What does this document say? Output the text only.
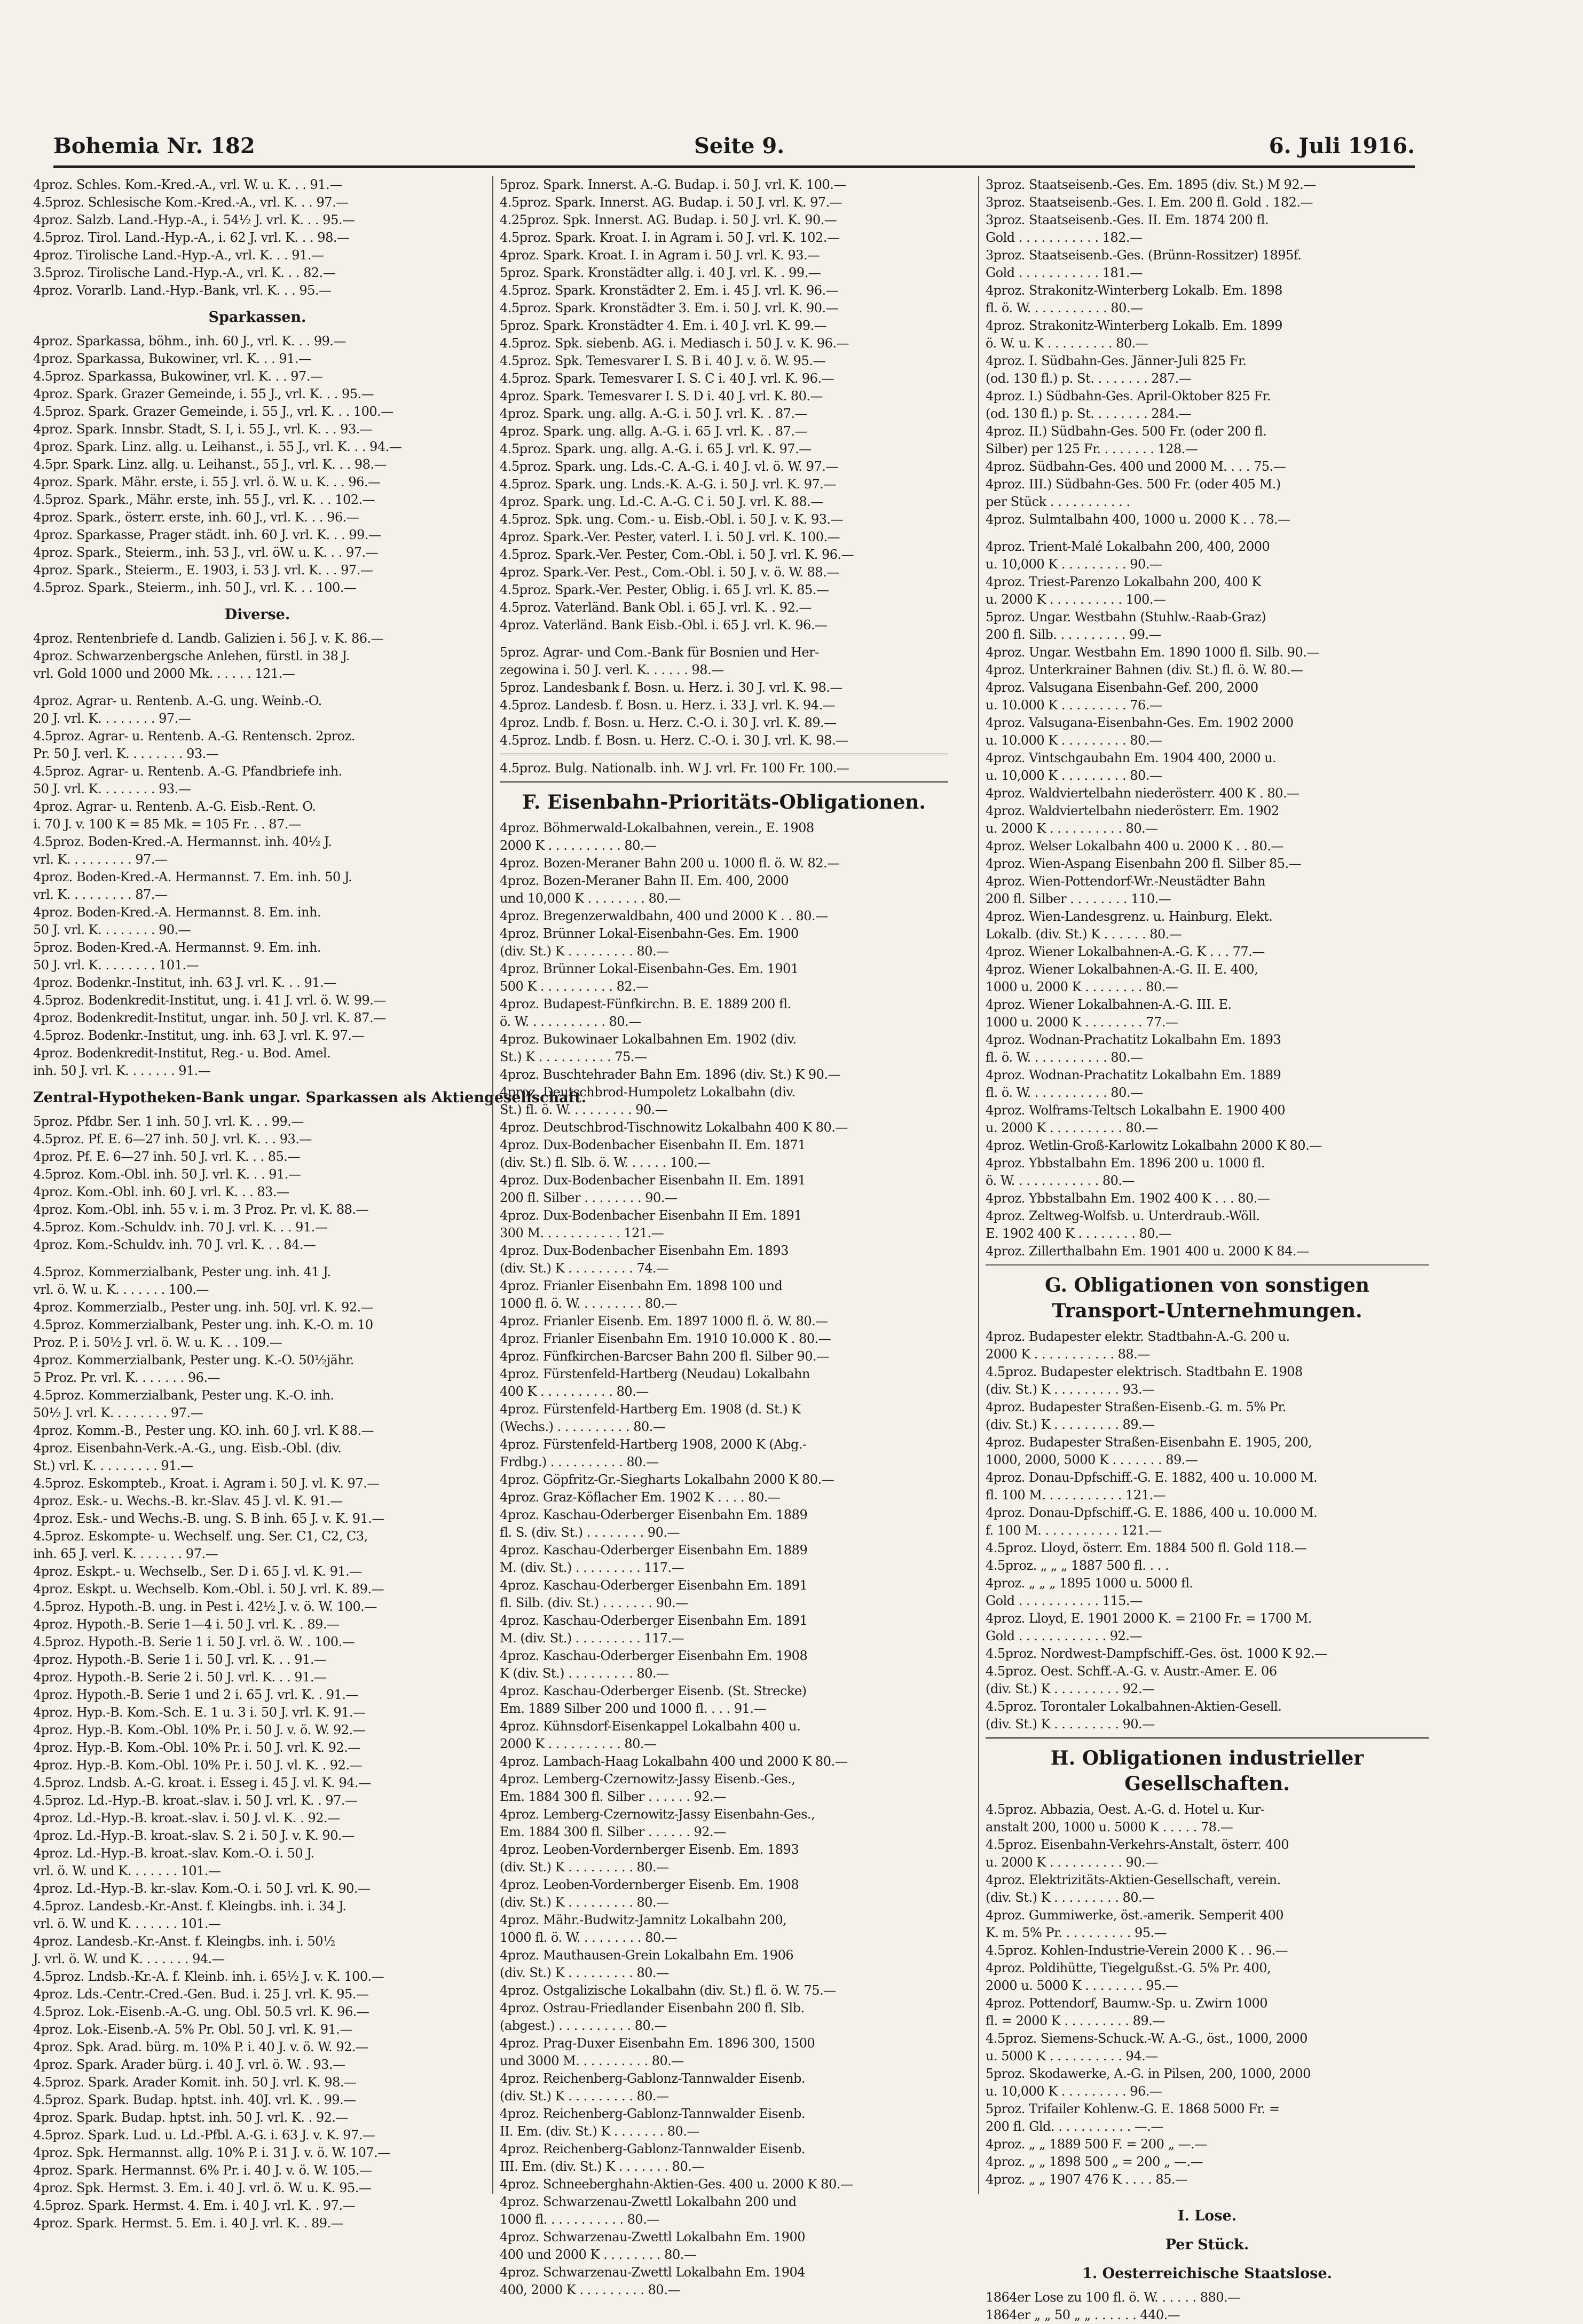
Bohemia Nr. 182	Seite 9.	6. Juli 1916.
4proz. Schles. Kom.-Kred.-A., vrl. W. u. K. . . 91.—
4.5proz. Schlesische Kom.-Kred.-A., vrl. K. . . 97.—
4proz. Salzb. Land.-Hyp.-A., i. 54½ J. vrl. K. . . 95.—
4.5proz. Tirol. Land.-Hyp.-A., i. 62 J. vrl. K. . . 98.—
4proz. Tirolische Land.-Hyp.-A., vrl. K. . . 91.—
3.5proz. Tirolische Land.-Hyp.-A., vrl. K. . . 82.—
4proz. Vorarlb. Land.-Hyp.-Bank, vrl. K. . . 95.—
Sparkassen.
4proz. Sparkassa, böhm., inh. 60 J., vrl. K. . . 99.—
4proz. Sparkassa, Bukowiner, vrl. K. . . 91.—
4.5proz. Sparkassa, Bukowiner, vrl. K. . . 97.—
4proz. Spark. Grazer Gemeinde, i. 55 J., vrl. K. . . 95.—
4.5proz. Spark. Grazer Gemeinde, i. 55 J., vrl. K. . . 100.—
4proz. Spark. Innsbr. Stadt, S. I, i. 55 J., vrl. K. . . 93.—
4proz. Spark. Linz. allg. u. Leihanst., i. 55 J., vrl. K. . . 94.—
4.5pr. Spark. Linz. allg. u. Leihanst., 55 J., vrl. K. . . 98.—
4proz. Spark. Mähr. erste, i. 55 J. vrl. ö. W. u. K. . . 96.—
4.5proz. Spark., Mähr. erste, inh. 55 J., vrl. K. . . 102.—
4proz. Spark., österr. erste, inh. 60 J., vrl. K. . . 96.—
4proz. Sparkasse, Prager städt. inh. 60 J. vrl. K. . . 99.—
4proz. Spark., Steierm., inh. 53 J., vrl. öW. u. K. . . 97.—
4proz. Spark., Steierm., E. 1903, i. 53 J. vrl. K. . . 97.—
4.5proz. Spark., Steierm., inh. 50 J., vrl. K. . . 100.—
Diverse.
4proz. Rentenbriefe d. Landb. Galizien i. 56 J. v. K. 86.—
4proz. Schwarzenbergsche Anlehen, fürstl. in 38 J.
vrl. Gold 1000 und 2000 Mk. . . . . . 121.—
4proz. Agrar- u. Rentenb. A.-G. ung. Weinb.-O.
20 J. vrl. K. . . . . . . . 97.—
4.5proz. Agrar- u. Rentenb. A.-G. Rentensch. 2proz.
Pr. 50 J. verl. K. . . . . . . . 93.—
4.5proz. Agrar- u. Rentenb. A.-G. Pfandbriefe inh.
50 J. vrl. K. . . . . . . . 93.—
4proz. Agrar- u. Rentenb. A.-G. Eisb.-Rent. O.
i. 70 J. v. 100 K = 85 Mk. = 105 Fr. . . 87.—
4.5proz. Boden-Kred.-A. Hermannst. inh. 40½ J.
vrl. K. . . . . . . . . 97.—
4proz. Boden-Kred.-A. Hermannst. 7. Em. inh. 50 J.
vrl. K. . . . . . . . . 87.—
4proz. Boden-Kred.-A. Hermannst. 8. Em. inh.
50 J. vrl. K. . . . . . . . 90.—
5proz. Boden-Kred.-A. Hermannst. 9. Em. inh.
50 J. vrl. K. . . . . . . . 101.—
4proz. Bodenkr.-Institut, inh. 63 J. vrl. K. . . 91.—
4.5proz. Bodenkredit-Institut, ung. i. 41 J. vrl. ö. W. 99.—
4proz. Bodenkredit-Institut, ungar. inh. 50 J. vrl. K. 87.—
4.5proz. Bodenkr.-Institut, ung. inh. 63 J. vrl. K. 97.—
4proz. Bodenkredit-Institut, Reg.- u. Bod. Amel.
inh. 50 J. vrl. K. . . . . . . 91.—
Zentral-Hypotheken-Bank ungar. Sparkassen als Aktiengesellschaft.
5proz. Pfdbr. Ser. 1 inh. 50 J. vrl. K. . . 99.—
4.5proz. Pf. E. 6—27 inh. 50 J. vrl. K. . . 93.—
4proz. Pf. E. 6—27 inh. 50 J. vrl. K. . . 85.—
4.5proz. Kom.-Obl. inh. 50 J. vrl. K. . . 91.—
4proz. Kom.-Obl. inh. 60 J. vrl. K. . . 83.—
4proz. Kom.-Obl. inh. 55 v. i. m. 3 Proz. Pr. vl. K. 88.—
4.5proz. Kom.-Schuldv. inh. 70 J. vrl. K. . . 91.—
4proz. Kom.-Schuldv. inh. 70 J. vrl. K. . . 84.—
4.5proz. Kommerzialbank, Pester ung. inh. 41 J.
vrl. ö. W. u. K. . . . . . . 100.—
4proz. Kommerzialb., Pester ung. inh. 50J. vrl. K. 92.—
4.5proz. Kommerzialbank, Pester ung. inh. K.-O. m. 10
Proz. P. i. 50½ J. vrl. ö. W. u. K. . . 109.—
4proz. Kommerzialbank, Pester ung. K.-O. 50½jähr.
5 Proz. Pr. vrl. K. . . . . . . 96.—
4.5proz. Kommerzialbank, Pester ung. K.-O. inh.
50½ J. vrl. K. . . . . . . . 97.—
4proz. Komm.-B., Pester ung. KO. inh. 60 J. vrl. K 88.—
4proz. Eisenbahn-Verk.-A.-G., ung. Eisb.-Obl. (div.
St.) vrl. K. . . . . . . . . 91.—
4.5proz. Eskompteb., Kroat. i. Agram i. 50 J. vl. K. 97.—
4proz. Esk.- u. Wechs.-B. kr.-Slav. 45 J. vl. K. 91.—
4proz. Esk.- und Wechs.-B. ung. S. B inh. 65 J. v. K. 91.—
4.5proz. Eskompte- u. Wechself. ung. Ser. C1, C2, C3,
inh. 65 J. verl. K. . . . . . . 97.—
4proz. Eskpt.- u. Wechselb., Ser. D i. 65 J. vl. K. 91.—
4proz. Eskpt. u. Wechselb. Kom.-Obl. i. 50 J. vrl. K. 89.—
4.5proz. Hypoth.-B. ung. in Pest i. 42½ J. v. ö. W. 100.—
4proz. Hypoth.-B. Serie 1—4 i. 50 J. vrl. K. . 89.—
4.5proz. Hypoth.-B. Serie 1 i. 50 J. vrl. ö. W. . 100.—
4proz. Hypoth.-B. Serie 1 i. 50 J. vrl. K. . . 91.—
4proz. Hypoth.-B. Serie 2 i. 50 J. vrl. K. . . 91.—
4proz. Hypoth.-B. Serie 1 und 2 i. 65 J. vrl. K. . 91.—
4proz. Hyp.-B. Kom.-Sch. E. 1 u. 3 i. 50 J. vrl. K. 91.—
4proz. Hyp.-B. Kom.-Obl. 10% Pr. i. 50 J. v. ö. W. 92.—
4proz. Hyp.-B. Kom.-Obl. 10% Pr. i. 50 J. vrl. K. 92.—
4proz. Hyp.-B. Kom.-Obl. 10% Pr. i. 50 J. vl. K. . 92.—
4.5proz. Lndsb. A.-G. kroat. i. Esseg i. 45 J. vl. K. 94.—
4.5proz. Ld.-Hyp.-B. kroat.-slav. i. 50 J. vrl. K. . 97.—
4proz. Ld.-Hyp.-B. kroat.-slav. i. 50 J. vl. K. . 92.—
4proz. Ld.-Hyp.-B. kroat.-slav. S. 2 i. 50 J. v. K. 90.—
4proz. Ld.-Hyp.-B. kroat.-slav. Kom.-O. i. 50 J.
vrl. ö. W. und K. . . . . . . 101.—
4proz. Ld.-Hyp.-B. kr.-slav. Kom.-O. i. 50 J. vrl. K. 90.—
4.5proz. Landesb.-Kr.-Anst. f. Kleingbs. inh. i. 34 J.
vrl. ö. W. und K. . . . . . . 101.—
4proz. Landesb.-Kr.-Anst. f. Kleingbs. inh. i. 50½
J. vrl. ö. W. und K. . . . . . . 94.—
4.5proz. Lndsb.-Kr.-A. f. Kleinb. inh. i. 65½ J. v. K. 100.—
4proz. Lds.-Centr.-Cred.-Gen. Bud. i. 25 J. vrl. K. 95.—
4.5proz. Lok.-Eisenb.-A.-G. ung. Obl. 50.5 vrl. K. 96.—
4proz. Lok.-Eisenb.-A. 5% Pr. Obl. 50 J. vrl. K. 91.—
4proz. Spk. Arad. bürg. m. 10% P. i. 40 J. v. ö. W. 92.—
4proz. Spark. Arader bürg. i. 40 J. vrl. ö. W. . 93.—
4.5proz. Spark. Arader Komit. inh. 50 J. vrl. K. 98.—
4.5proz. Spark. Budap. hptst. inh. 40J. vrl. K. . 99.—
4proz. Spark. Budap. hptst. inh. 50 J. vrl. K. . 92.—
4.5proz. Spark. Lud. u. Ld.-Pfbl. A.-G. i. 63 J. v. K. 97.—
4proz. Spk. Hermannst. allg. 10% P. i. 31 J. v. ö. W. 107.—
4proz. Spark. Hermannst. 6% Pr. i. 40 J. v. ö. W. 105.—
4proz. Spk. Hermst. 3. Em. i. 40 J. vrl. ö. W. u. K. 95.—
4.5proz. Spark. Hermst. 4. Em. i. 40 J. vrl. K. . 97.—
4proz. Spark. Hermst. 5. Em. i. 40 J. vrl. K. . 89.—
5proz. Spark. Innerst. A.-G. Budap. i. 50 J. vrl. K. 100.—
4.5proz. Spark. Innerst. AG. Budap. i. 50 J. vrl. K. 97.—
4.25proz. Spk. Innerst. AG. Budap. i. 50 J. vrl. K. 90.—
4.5proz. Spark. Kroat. I. in Agram i. 50 J. vrl. K. 102.—
4proz. Spark. Kroat. I. in Agram i. 50 J. vrl. K. 93.—
5proz. Spark. Kronstädter allg. i. 40 J. vrl. K. . 99.—
4.5proz. Spark. Kronstädter 2. Em. i. 45 J. vrl. K. 96.—
4.5proz. Spark. Kronstädter 3. Em. i. 50 J. vrl. K. 90.—
5proz. Spark. Kronstädter 4. Em. i. 40 J. vrl. K. 99.—
4.5proz. Spk. siebenb. AG. i. Mediasch i. 50 J. v. K. 96.—
4.5proz. Spk. Temesvarer I. S. B i. 40 J. v. ö. W. 95.—
4.5proz. Spark. Temesvarer I. S. C i. 40 J. vrl. K. 96.—
4proz. Spark. Temesvarer I. S. D i. 40 J. vrl. K. 80.—
4proz. Spark. ung. allg. A.-G. i. 50 J. vrl. K. . 87.—
4proz. Spark. ung. allg. A.-G. i. 65 J. vrl. K. . 87.—
4.5proz. Spark. ung. allg. A.-G. i. 65 J. vrl. K. 97.—
4.5proz. Spark. ung. Lds.-C. A.-G. i. 40 J. vl. ö. W. 97.—
4.5proz. Spark. ung. Lnds.-K. A.-G. i. 50 J. vrl. K. 97.—
4proz. Spark. ung. Ld.-C. A.-G. C i. 50 J. vrl. K. 88.—
4.5proz. Spk. ung. Com.- u. Eisb.-Obl. i. 50 J. v. K. 93.—
4proz. Spark.-Ver. Pester, vaterl. I. i. 50 J. vrl. K. 100.—
4.5proz. Spark.-Ver. Pester, Com.-Obl. i. 50 J. vrl. K. 96.—
4proz. Spark.-Ver. Pest., Com.-Obl. i. 50 J. v. ö. W. 88.—
4.5proz. Spark.-Ver. Pester, Oblig. i. 65 J. vrl. K. 85.—
4.5proz. Vaterländ. Bank Obl. i. 65 J. vrl. K. . 92.—
4proz. Vaterländ. Bank Eisb.-Obl. i. 65 J. vrl. K. 96.—
5proz. Agrar- und Com.-Bank für Bosnien und Her-
zegowina i. 50 J. verl. K. . . . . . 98.—
5proz. Landesbank f. Bosn. u. Herz. i. 30 J. vrl. K. 98.—
4.5proz. Landesb. f. Bosn. u. Herz. i. 33 J. vrl. K. 94.—
4proz. Lndb. f. Bosn. u. Herz. C.-O. i. 30 J. vrl. K. 89.—
4.5proz. Lndb. f. Bosn. u. Herz. C.-O. i. 30 J. vrl. K. 98.—
4.5proz. Bulg. Nationalb. inh. W J. vrl. Fr. 100 Fr. 100.—
F. Eisenbahn-Prioritäts-Obligationen.
4proz. Böhmerwald-Lokalbahnen, verein., E. 1908
2000 K . . . . . . . . . . 80.—
4proz. Bozen-Meraner Bahn 200 u. 1000 fl. ö. W. 82.—
4proz. Bozen-Meraner Bahn II. Em. 400, 2000
und 10,000 K . . . . . . . . 80.—
4proz. Bregenzerwaldbahn, 400 und 2000 K . . 80.—
4proz. Brünner Lokal-Eisenbahn-Ges. Em. 1900
(div. St.) K . . . . . . . . . 80.—
4proz. Brünner Lokal-Eisenbahn-Ges. Em. 1901
500 K . . . . . . . . . . 82.—
4proz. Budapest-Fünfkirchn. B. E. 1889 200 fl.
ö. W. . . . . . . . . . . 80.—
4proz. Bukowinaer Lokalbahnen Em. 1902 (div.
St.) K . . . . . . . . . . 75.—
4proz. Buschtehrader Bahn Em. 1896 (div. St.) K 90.—
4proz. Deutschbrod-Humpoletz Lokalbahn (div.
St.) fl. ö. W. . . . . . . . . 90.—
4proz. Deutschbrod-Tischnowitz Lokalbahn 400 K 80.—
4proz. Dux-Bodenbacher Eisenbahn II. Em. 1871
(div. St.) fl. Slb. ö. W. . . . . . 100.—
4proz. Dux-Bodenbacher Eisenbahn II. Em. 1891
200 fl. Silber . . . . . . . . 90.—
4proz. Dux-Bodenbacher Eisenbahn II Em. 1891
300 M. . . . . . . . . . . 121.—
4proz. Dux-Bodenbacher Eisenbahn Em. 1893
(div. St.) K . . . . . . . . . 74.—
4proz. Frianler Eisenbahn Em. 1898 100 und
1000 fl. ö. W. . . . . . . . . 80.—
4proz. Frianler Eisenb. Em. 1897 1000 fl. ö. W. 80.—
4proz. Frianler Eisenbahn Em. 1910 10.000 K . 80.—
4proz. Fünfkirchen-Barcser Bahn 200 fl. Silber 90.—
4proz. Fürstenfeld-Hartberg (Neudau) Lokalbahn
400 K . . . . . . . . . . 80.—
4proz. Fürstenfeld-Hartberg Em. 1908 (d. St.) K
(Wechs.) . . . . . . . . . . 80.—
4proz. Fürstenfeld-Hartberg 1908, 2000 K (Abg.-
Frdbg.) . . . . . . . . . . 80.—
4proz. Göpfritz-Gr.-Siegharts Lokalbahn 2000 K 80.—
4proz. Graz-Köflacher Em. 1902 K . . . . 80.—
4proz. Kaschau-Oderberger Eisenbahn Em. 1889
fl. S. (div. St.) . . . . . . . . 90.—
4proz. Kaschau-Oderberger Eisenbahn Em. 1889
M. (div. St.) . . . . . . . . . 117.—
4proz. Kaschau-Oderberger Eisenbahn Em. 1891
fl. Silb. (div. St.) . . . . . . . 90.—
4proz. Kaschau-Oderberger Eisenbahn Em. 1891
M. (div. St.) . . . . . . . . . 117.—
4proz. Kaschau-Oderberger Eisenbahn Em. 1908
K (div. St.) . . . . . . . . . 80.—
4proz. Kaschau-Oderberger Eisenb. (St. Strecke)
Em. 1889 Silber 200 und 1000 fl. . . . 91.—
4proz. Kühnsdorf-Eisenkappel Lokalbahn 400 u.
2000 K . . . . . . . . . . 80.—
4proz. Lambach-Haag Lokalbahn 400 und 2000 K 80.—
4proz. Lemberg-Czernowitz-Jassy Eisenb.-Ges.,
Em. 1884 300 fl. Silber . . . . . . 92.—
4proz. Lemberg-Czernowitz-Jassy Eisenbahn-Ges.,
Em. 1884 300 fl. Silber . . . . . . 92.—
4proz. Leoben-Vordernberger Eisenb. Em. 1893
(div. St.) K . . . . . . . . . 80.—
4proz. Leoben-Vordernberger Eisenb. Em. 1908
(div. St.) K . . . . . . . . . 80.—
4proz. Mähr.-Budwitz-Jamnitz Lokalbahn 200,
1000 fl. ö. W. . . . . . . . . 80.—
4proz. Mauthausen-Grein Lokalbahn Em. 1906
(div. St.) K . . . . . . . . . 80.—
4proz. Ostgalizische Lokalbahn (div. St.) fl. ö. W. 75.—
4proz. Ostrau-Friedlander Eisenbahn 200 fl. Slb.
(abgest.) . . . . . . . . . . 80.—
4proz. Prag-Duxer Eisenbahn Em. 1896 300, 1500
und 3000 M. . . . . . . . . . 80.—
4proz. Reichenberg-Gablonz-Tannwalder Eisenb.
(div. St.) K . . . . . . . . . 80.—
4proz. Reichenberg-Gablonz-Tannwalder Eisenb.
II. Em. (div. St.) K . . . . . . . 80.—
4proz. Reichenberg-Gablonz-Tannwalder Eisenb.
III. Em. (div. St.) K . . . . . . . 80.—
4proz. Schneeberghahn-Aktien-Ges. 400 u. 2000 K 80.—
4proz. Schwarzenau-Zwettl Lokalbahn 200 und
1000 fl. . . . . . . . . . . 80.—
4proz. Schwarzenau-Zwettl Lokalbahn Em. 1900
400 und 2000 K . . . . . . . . 80.—
4proz. Schwarzenau-Zwettl Lokalbahn Em. 1904
400, 2000 K . . . . . . . . . 80.—
3proz. Staatseisenb.-Ges. Em. 1895 (div. St.) M 92.—
3proz. Staatseisenb.-Ges. I. Em. 200 fl. Gold . 182.—
3proz. Staatseisenb.-Ges. II. Em. 1874 200 fl.
Gold . . . . . . . . . . . 182.—
3proz. Staatseisenb.-Ges. (Brünn-Rossitzer) 1895f.
Gold . . . . . . . . . . . 181.—
4proz. Strakonitz-Winterberg Lokalb. Em. 1898
fl. ö. W. . . . . . . . . . . 80.—
4proz. Strakonitz-Winterberg Lokalb. Em. 1899
ö. W. u. K . . . . . . . . . 80.—
4proz. I. Südbahn-Ges. Jänner-Juli 825 Fr.
(od. 130 fl.) p. St. . . . . . . . 287.—
4proz. I.) Südbahn-Ges. April-Oktober 825 Fr.
(od. 130 fl.) p. St. . . . . . . . 284.—
4proz. II.) Südbahn-Ges. 500 Fr. (oder 200 fl.
Silber) per 125 Fr. . . . . . . . 128.—
4proz. Südbahn-Ges. 400 und 2000 M. . . . 75.—
4proz. III.) Südbahn-Ges. 500 Fr. (oder 405 M.)
per Stück . . . . . . . . . . .
4proz. Sulmtalbahn 400, 1000 u. 2000 K . . 78.—
4proz. Trient-Malé Lokalbahn 200, 400, 2000
u. 10,000 K . . . . . . . . . 90.—
4proz. Triest-Parenzo Lokalbahn 200, 400 K
u. 2000 K . . . . . . . . . . 100.—
5proz. Ungar. Westbahn (Stuhlw.-Raab-Graz)
200 fl. Silb. . . . . . . . . . 99.—
4proz. Ungar. Westbahn Em. 1890 1000 fl. Silb. 90.—
4proz. Unterkrainer Bahnen (div. St.) fl. ö. W. 80.—
4proz. Valsugana Eisenbahn-Gef. 200, 2000
u. 10.000 K . . . . . . . . . 76.—
4proz. Valsugana-Eisenbahn-Ges. Em. 1902 2000
u. 10.000 K . . . . . . . . . 80.—
4proz. Vintschgaubahn Em. 1904 400, 2000 u.
u. 10,000 K . . . . . . . . . 80.—
4proz. Waldviertelbahn niederösterr. 400 K . 80.—
4proz. Waldviertelbahn niederösterr. Em. 1902
u. 2000 K . . . . . . . . . . 80.—
4proz. Welser Lokalbahn 400 u. 2000 K . . 80.—
4proz. Wien-Aspang Eisenbahn 200 fl. Silber 85.—
4proz. Wien-Pottendorf-Wr.-Neustädter Bahn
200 fl. Silber . . . . . . . . 110.—
4proz. Wien-Landesgrenz. u. Hainburg. Elekt.
Lokalb. (div. St.) K . . . . . . 80.—
4proz. Wiener Lokalbahnen-A.-G. K . . . 77.—
4proz. Wiener Lokalbahnen-A.-G. II. E. 400,
1000 u. 2000 K . . . . . . . . 80.—
4proz. Wiener Lokalbahnen-A.-G. III. E.
1000 u. 2000 K . . . . . . . . 77.—
4proz. Wodnan-Prachatitz Lokalbahn Em. 1893
fl. ö. W. . . . . . . . . . . 80.—
4proz. Wodnan-Prachatitz Lokalbahn Em. 1889
fl. ö. W. . . . . . . . . . . 80.—
4proz. Wolframs-Teltsch Lokalbahn E. 1900 400
u. 2000 K . . . . . . . . . . 80.—
4proz. Wetlin-Groß-Karlowitz Lokalbahn 2000 K 80.—
4proz. Ybbstalbahn Em. 1896 200 u. 1000 fl.
ö. W. . . . . . . . . . . . 80.—
4proz. Ybbstalbahn Em. 1902 400 K . . . 80.—
4proz. Zeltweg-Wolfsb. u. Unterdraub.-Wöll.
E. 1902 400 K . . . . . . . . 80.—
4proz. Zillerthalbahn Em. 1901 400 u. 2000 K 84.—
G. Obligationen von sonstigen Transport-Unternehmungen.
4proz. Budapester elektr. Stadtbahn-A.-G. 200 u.
2000 K . . . . . . . . . . . 88.—
4.5proz. Budapester elektrisch. Stadtbahn E. 1908
(div. St.) K . . . . . . . . . 93.—
4proz. Budapester Straßen-Eisenb.-G. m. 5% Pr.
(div. St.) K . . . . . . . . . 89.—
4proz. Budapester Straßen-Eisenbahn E. 1905, 200,
1000, 2000, 5000 K . . . . . . . 89.—
4proz. Donau-Dpfschiff.-G. E. 1882, 400 u. 10.000 M.
fl. 100 M. . . . . . . . . . . 121.—
4proz. Donau-Dpfschiff.-G. E. 1886, 400 u. 10.000 M.
f. 100 M. . . . . . . . . . . 121.—
4.5proz. Lloyd, österr. Em. 1884 500 fl. Gold 118.—
4.5proz. „ „ „ 1887 500 fl. . . .
4proz. „ „ „ 1895 1000 u. 5000 fl.
Gold . . . . . . . . . . . 115.—
4proz. Lloyd, E. 1901 2000 K. = 2100 Fr. = 1700 M.
Gold . . . . . . . . . . . . 92.—
4.5proz. Nordwest-Dampfschiff.-Ges. öst. 1000 K 92.—
4.5proz. Oest. Schff.-A.-G. v. Austr.-Amer. E. 06
(div. St.) K . . . . . . . . . 92.—
4.5proz. Torontaler Lokalbahnen-Aktien-Gesell.
(div. St.) K . . . . . . . . . 90.—
H. Obligationen industrieller Gesellschaften.
4.5proz. Abbazia, Oest. A.-G. d. Hotel u. Kur-
anstalt 200, 1000 u. 5000 K . . . . . 78.—
4.5proz. Eisenbahn-Verkehrs-Anstalt, österr. 400
u. 2000 K . . . . . . . . . . 90.—
4proz. Elektrizitäts-Aktien-Gesellschaft, verein.
(div. St.) K . . . . . . . . . 80.—
4proz. Gummiwerke, öst.-amerik. Semperit 400
K. m. 5% Pr. . . . . . . . . . 95.—
4.5proz. Kohlen-Industrie-Verein 2000 K . . 96.—
4proz. Poldihütte, Tiegelgußst.-G. 5% Pr. 400,
2000 u. 5000 K . . . . . . . . 95.—
4proz. Pottendorf, Baumw.-Sp. u. Zwirn 1000
fl. = 2000 K . . . . . . . . . 89.—
4.5proz. Siemens-Schuck.-W. A.-G., öst., 1000, 2000
u. 5000 K . . . . . . . . . . 94.—
5proz. Skodawerke, A.-G. in Pilsen, 200, 1000, 2000
u. 10,000 K . . . . . . . . . 96.—
5proz. Trifailer Kohlenw.-G. E. 1868 5000 Fr. =
200 fl. Gld. . . . . . . . . . . —.—
4proz. „ „ 1889 500 F. = 200 „ —.—
4proz. „ „ 1898 500 „ = 200 „ —.—
4proz. „ „ 1907 476 K . . . . 85.—
I. Lose.
Per Stück.
1. Oesterreichische Staatslose.
1864er Lose zu 100 fl. ö. W. . . . . . 880.—
1864er „ „ 50 „ „ . . . . . . 440.—
